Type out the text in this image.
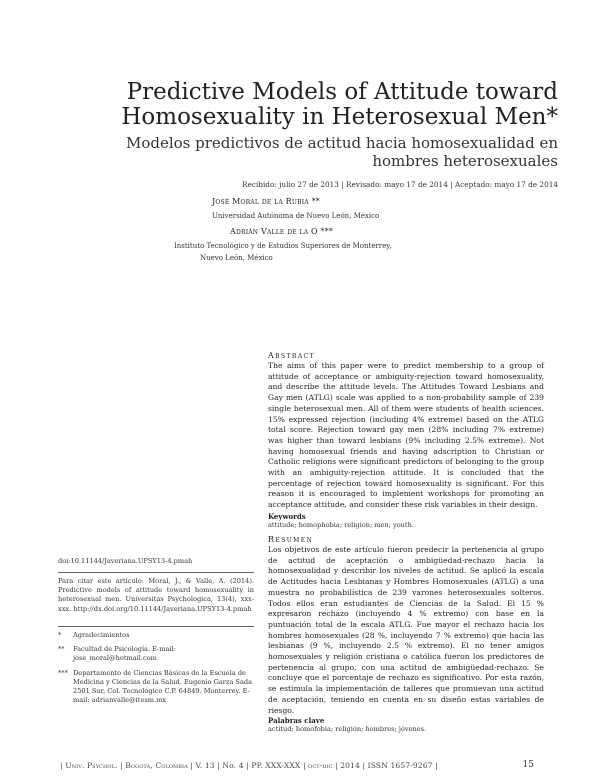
Predictive Models of Attitude toward Homosexuality in Heterosexual Men*
Modelos predictivos de actitud hacia homosexualidad en hombres heterosexuales
Recibido: julio 27 de 2013 | Revisado: mayo 17 de 2014 | Aceptado: mayo 17 de 2014
José Moral de la Rubia **
Universidad Autónoma de Nuevo León, México
Adrián Valle de la O ***
Instituto Tecnológico y de Estudios Superiores de Monterrey,
Nuevo León, México
Abstract
The aims of this paper were to predict membership to a group of attitude of acceptance or ambiguity-rejection toward homosexuality, and describe the attitude levels. The Attitudes Toward Lesbians and Gay men (ATLG) scale was applied to a non-probability sample of 239 single heterosexual men. All of them were students of health sciences. 15% expressed rejection (including 4% extreme) based on the ATLG total score. Rejection toward gay men (28% including 7% extreme) was higher than toward lesbians (9% including 2.5% extreme). Not having homosexual friends and having adscription to Christian or Catholic religions were significant predictors of belonging to the group with an ambiguity-rejection attitude. It is concluded that the percentage of rejection toward homosexuality is significant. For this reason it is encouraged to implement workshops for promoting an acceptance attitude, and consider these risk variables in their design.
Keywords
attitude; homophobia; religion; men; youth.
Resumen
Los objetivos de este artículo fueron predecir la pertenencia al grupo de actitud de aceptación o ambigüedad-rechazo hacia la homosexualidad y describir los niveles de actitud. Se aplicó la escala de Actitudes hacia Lesbianas y Hombres Homosexuales (ATLG) a una muestra no probabilística de 239 varones heterosexuales solteros. Todos ellos eran estudiantes de Ciencias de la Salud. El 15 % expresaron rechazo (incluyendo 4 % extremo) con base en la puntuación total de la escala ATLG. Fue mayor el rechazo hacia los hombres homosexuales (28 %, incluyendo 7 % extremo) que hacia las lesbianas (9 %, incluyendo 2.5 % extremo). El no tener amigos homosexuales y religión cristiana o católica fueron los predictores de pertenencia al grupo, con una actitud de ambigüedad-rechazo. Se concluye que el porcentaje de rechazo es significativo. Por esta razón, se estimula la implementación de talleres que promuevan una actitud de aceptación, teniendo en cuenta en su diseño estas variables de riesgo.
Palabras clave
actitud; homofobia; religión; hombres; jóvenes.
doi:10.11144/Javeriana.UPSY13-4.pmah
Para citar este artículo: Moral, J., & Valle, A. (2014). Predictive models of attitude toward homosexuality in heterosexual men. Universitas Psychologica, 13(4), xxx-xxx. http://dx.doi.org/10.11144/Javeriana.UPSY13-4.pmah
*	Agradecimientos
**	Facultad de Psicología. E-mail: jose_moral@hotmail.com
*** Departamento de Ciencias Básicas de la Escuela de Medicina y Ciencias de la Salud. Eugenio Garza Sada 2501 Sur, Col. Tecnológico C.P. 64849. Monterrey. E-mail: adrianvalle@itesm.mx
| Univ. Psychol. | Bogotá, Colombia | V. 13 | No. 4 | PP. XXX-XXX | oct-dic | 2014 | ISSN 1657-9267 |	15
